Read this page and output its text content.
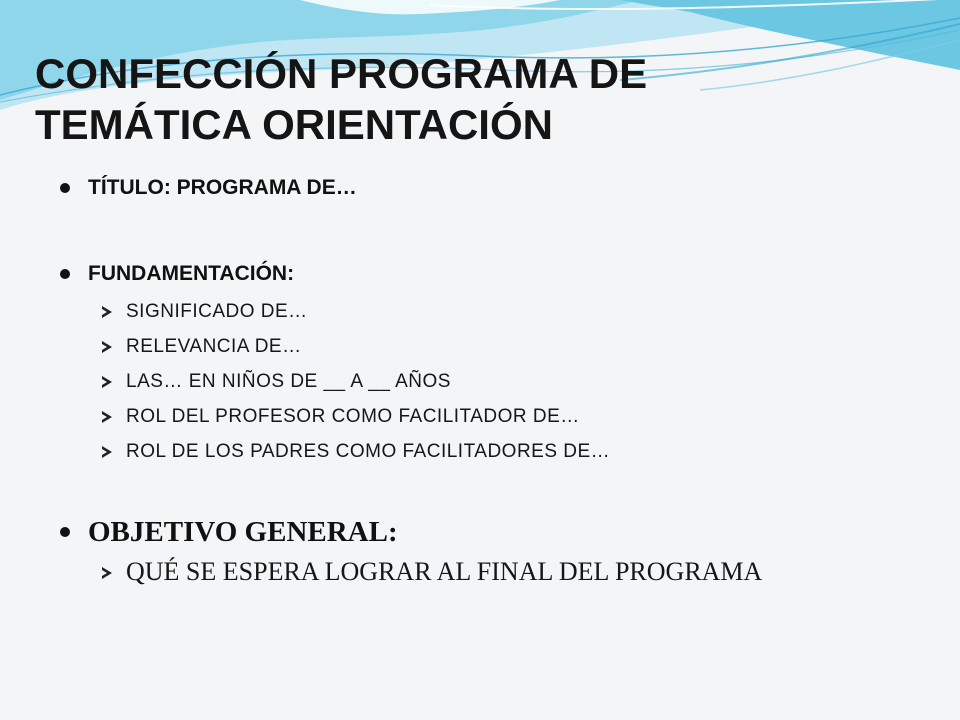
CONFECCIÓN PROGRAMA DE
TEMÁTICA ORIENTACIÓN
TÍTULO: PROGRAMA DE…
FUNDAMENTACIÓN:
SIGNIFICADO DE…
RELEVANCIA DE…
LAS… EN NIÑOS DE __ A __ AÑOS
ROL DEL PROFESOR COMO FACILITADOR DE…
ROL DE LOS PADRES COMO FACILITADORES DE…
OBJETIVO GENERAL:
QUÉ SE ESPERA LOGRAR AL FINAL DEL PROGRAMA
